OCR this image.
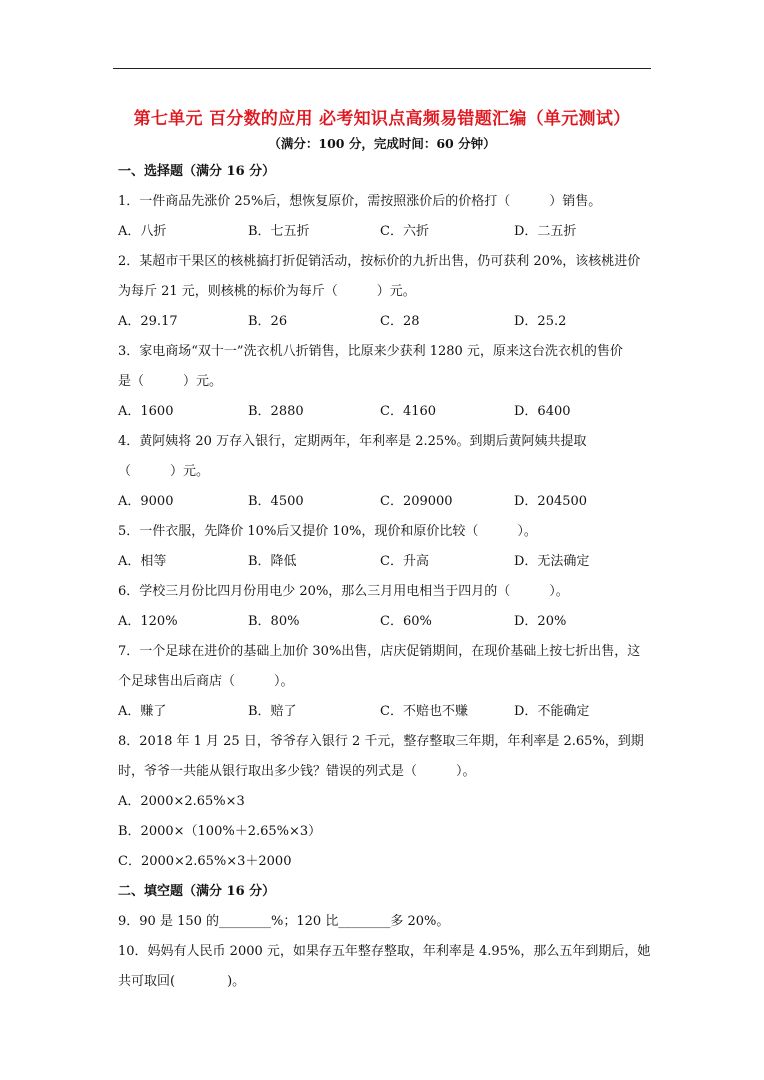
第七单元 百分数的应用 必考知识点高频易错题汇编（单元测试）
（满分：100 分，完成时间：60 分钟）
一、选择题（满分 16 分）
1．一件商品先涨价 25%后，想恢复原价，需按照涨价后的价格打（　　　）销售。
A．八折	B．七五折	C．六折	D．二五折
2．某超市干果区的核桃搞打折促销活动，按标价的九折出售，仍可获利 20%，该核桃进价
为每斤 21 元，则核桃的标价为每斤（　　　）元。
A．29.17	B．26	C．28	D．25.2
3．家电商场“双十一”洗衣机八折销售，比原来少获利 1280 元，原来这台洗衣机的售价
是（　　　）元。
A．1600	B．2880	C．4160	D．6400
4．黄阿姨将 20 万存入银行，定期两年，年利率是 2.25%。到期后黄阿姨共提取
（　　　）元。
A．9000	B．4500	C．209000	D．204500
5．一件衣服，先降价 10%后又提价 10%，现价和原价比较（　　　）。
A．相等	B．降低	C．升高	D．无法确定
6．学校三月份比四月份用电少 20%，那么三月用电相当于四月的（　　　）。
A．120%	B．80%	C．60%	D．20%
7．一个足球在进价的基础上加价 30%出售，店庆促销期间，在现价基础上按七折出售，这
个足球售出后商店（　　　）。
A．赚了	B．赔了	C．不赔也不赚	D．不能确定
8．2018 年 1 月 25 日，爷爷存入银行 2 千元，整存整取三年期，年利率是 2.65%，到期
时，爷爷一共能从银行取出多少钱？错误的列式是（　　　）。
A．2000×2.65%×3
B．2000×（100%＋2.65%×3）
C．2000×2.65%×3＋2000
二、填空题（满分 16 分）
9．90 是 150 的________%；120 比________多 20%。
10．妈妈有人民币 2000 元，如果存五年整存整取，年利率是 4.95%，那么五年到期后，她
共可取回(　　　　)。
